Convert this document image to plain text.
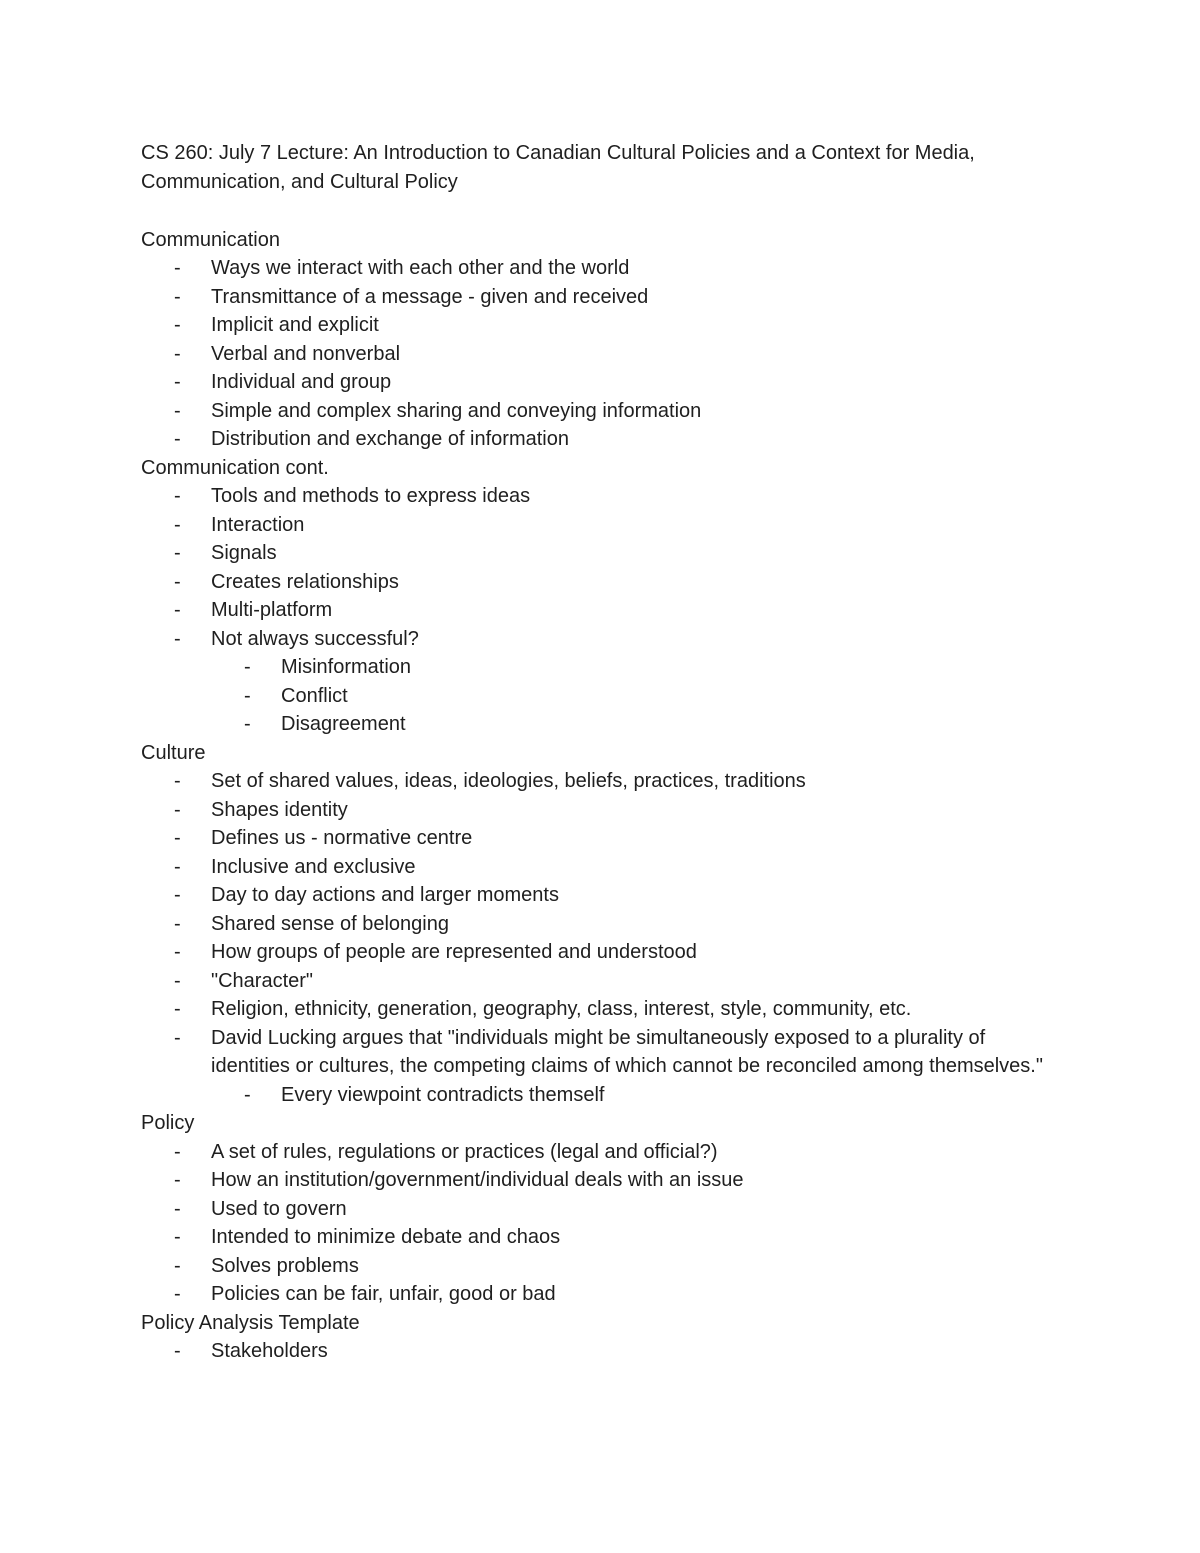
CS 260: July 7 Lecture: An Introduction to Canadian Cultural Policies and a Context for Media, Communication, and Cultural Policy
Communication
- Ways we interact with each other and the world
- Transmittance of a message - given and received
- Implicit and explicit
- Verbal and nonverbal
- Individual and group
- Simple and complex sharing and conveying information
- Distribution and exchange of information
Communication cont.
- Tools and methods to express ideas
- Interaction
- Signals
- Creates relationships
- Multi-platform
- Not always successful?
- Misinformation
- Conflict
- Disagreement
Culture
- Set of shared values, ideas, ideologies, beliefs, practices, traditions
- Shapes identity
- Defines us - normative centre
- Inclusive and exclusive
- Day to day actions and larger moments
- Shared sense of belonging
- How groups of people are represented and understood
- "Character"
- Religion, ethnicity, generation, geography, class, interest, style, community, etc.
- David Lucking argues that "individuals might be simultaneously exposed to a plurality of identities or cultures, the competing claims of which cannot be reconciled among themselves."
- Every viewpoint contradicts themself
Policy
- A set of rules, regulations or practices (legal and official?)
- How an institution/government/individual deals with an issue
- Used to govern
- Intended to minimize debate and chaos
- Solves problems
- Policies can be fair, unfair, good or bad
Policy Analysis Template
- Stakeholders
